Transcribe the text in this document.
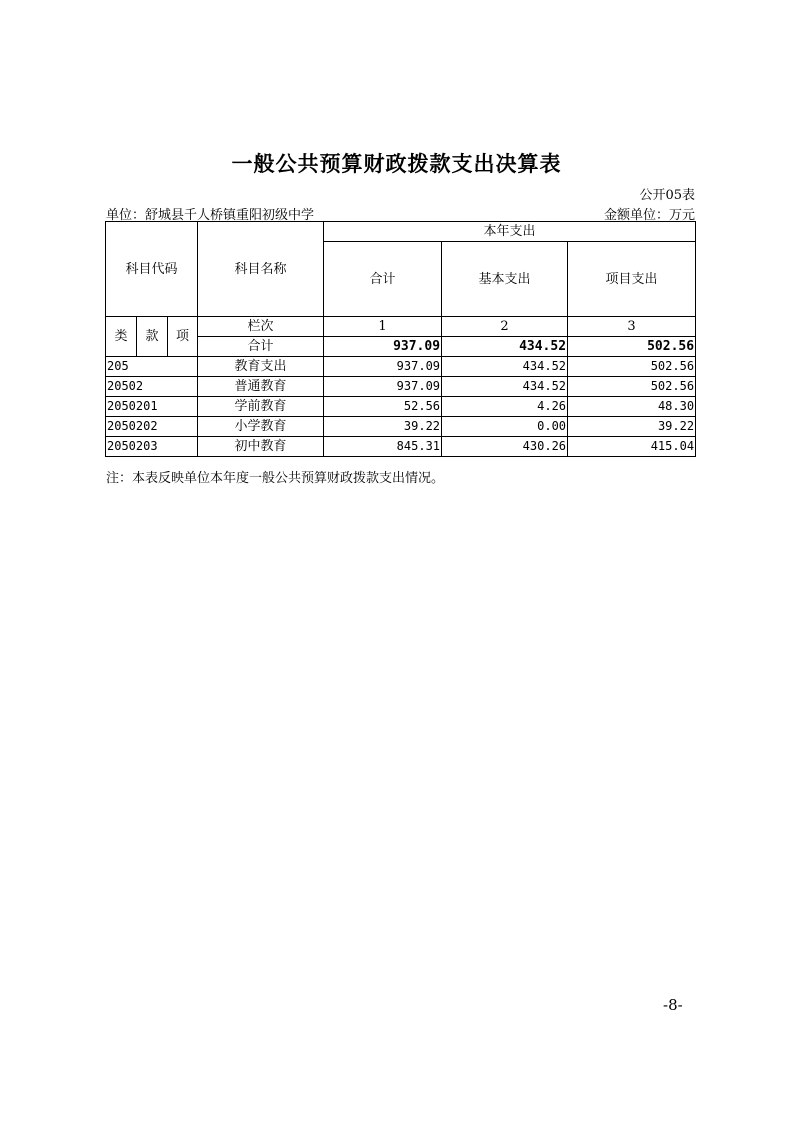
一般公共预算财政拨款支出决算表
公开05表
单位：舒城县千人桥镇重阳初级中学	金额单位：万元
科目代码			科目名称	本年支出		
				合计	基本支出	项目支出
类	款	项	栏次	1	2	3
			合计	937.09	434.52	502.56
205			教育支出	937.09	434.52	502.56
20502			普通教育	937.09	434.52	502.56
2050201			学前教育	52.56	4.26	48.30
2050202			小学教育	39.22	0.00	39.22
2050203			初中教育	845.31	430.26	415.04
注：本表反映单位本年度一般公共预算财政拨款支出情况。
-8-
